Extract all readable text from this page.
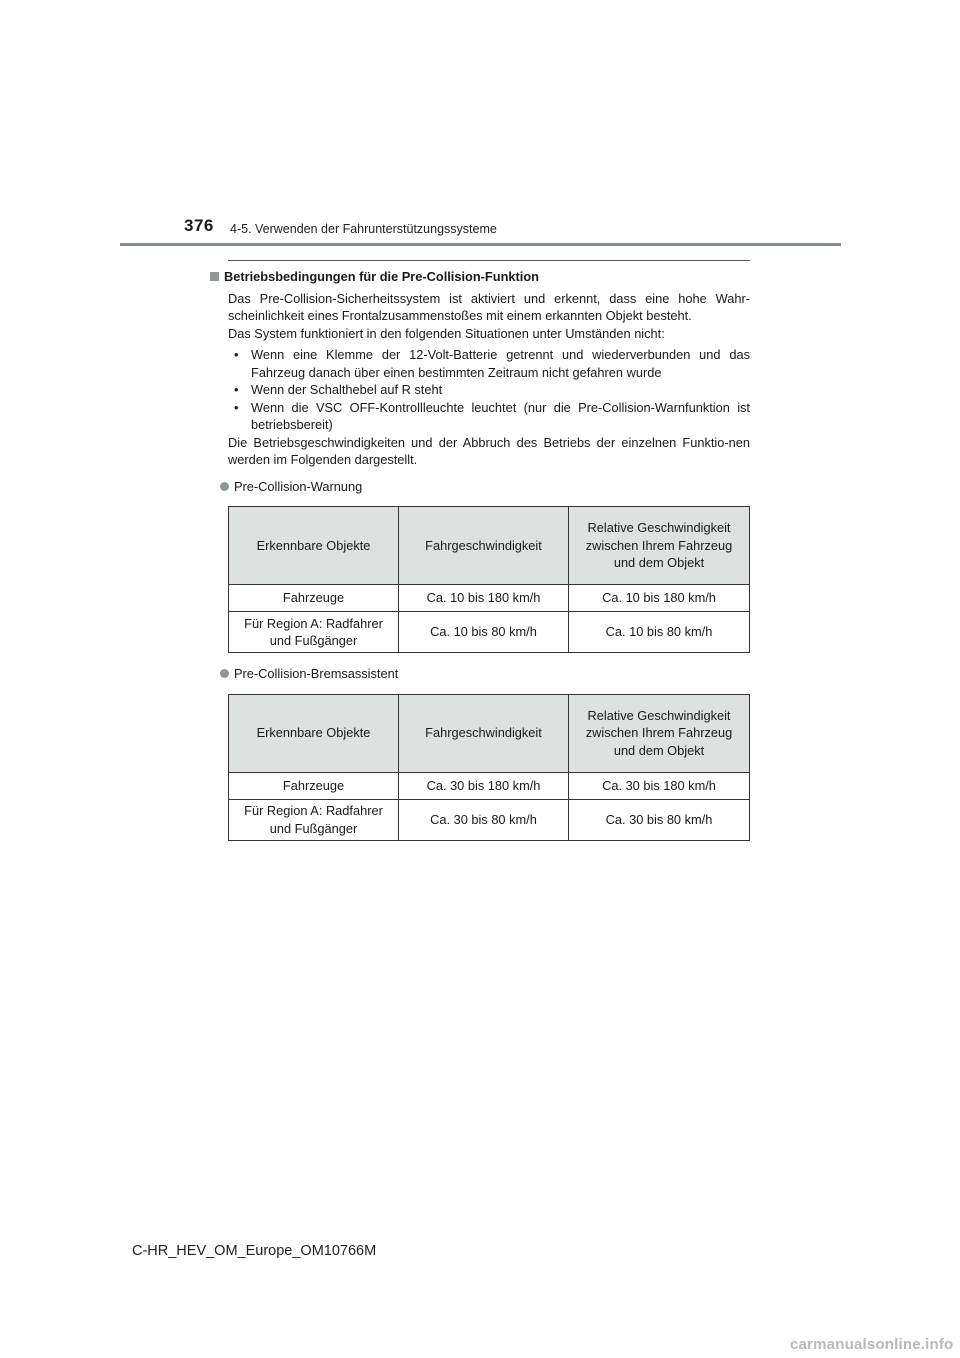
376 4-5. Verwenden der Fahrunterstützungssysteme
Betriebsbedingungen für die Pre-Collision-Funktion

Das Pre-Collision-Sicherheitssystem ist aktiviert und erkennt, dass eine hohe Wahr-scheinlichkeit eines Frontalzusammenstoßes mit einem erkannten Objekt besteht.

Das System funktioniert in den folgenden Situationen unter Umständen nicht:

• Wenn eine Klemme der 12-Volt-Batterie getrennt und wiederverbunden und das Fahrzeug danach über einen bestimmten Zeitraum nicht gefahren wurde
• Wenn der Schalthebel auf R steht
• Wenn die VSC OFF-Kontrollleuchte leuchtet (nur die Pre-Collision-Warnfunktion ist betriebsbereit)

Die Betriebsgeschwindigkeiten und der Abbruch des Betriebs der einzelnen Funktio-nen werden im Folgenden dargestellt.

Pre-Collision-Warnung
Erkennbare Objekte	Fahrgeschwindigkeit	Relative Geschwindigkeit zwischen Ihrem Fahrzeug und dem Objekt
Fahrzeuge	Ca. 10 bis 180 km/h	Ca. 10 bis 180 km/h
Für Region A: Radfahrer und Fußgänger	Ca. 10 bis 80 km/h	Ca. 10 bis 80 km/h
Pre-Collision-Bremsassistent
Erkennbare Objekte	Fahrgeschwindigkeit	Relative Geschwindigkeit zwischen Ihrem Fahrzeug und dem Objekt
Fahrzeuge	Ca. 30 bis 180 km/h	Ca. 30 bis 180 km/h
Für Region A: Radfahrer und Fußgänger	Ca. 30 bis 80 km/h	Ca. 30 bis 80 km/h
C-HR_HEV_OM_Europe_OM10766M
carmanualsonline.info
